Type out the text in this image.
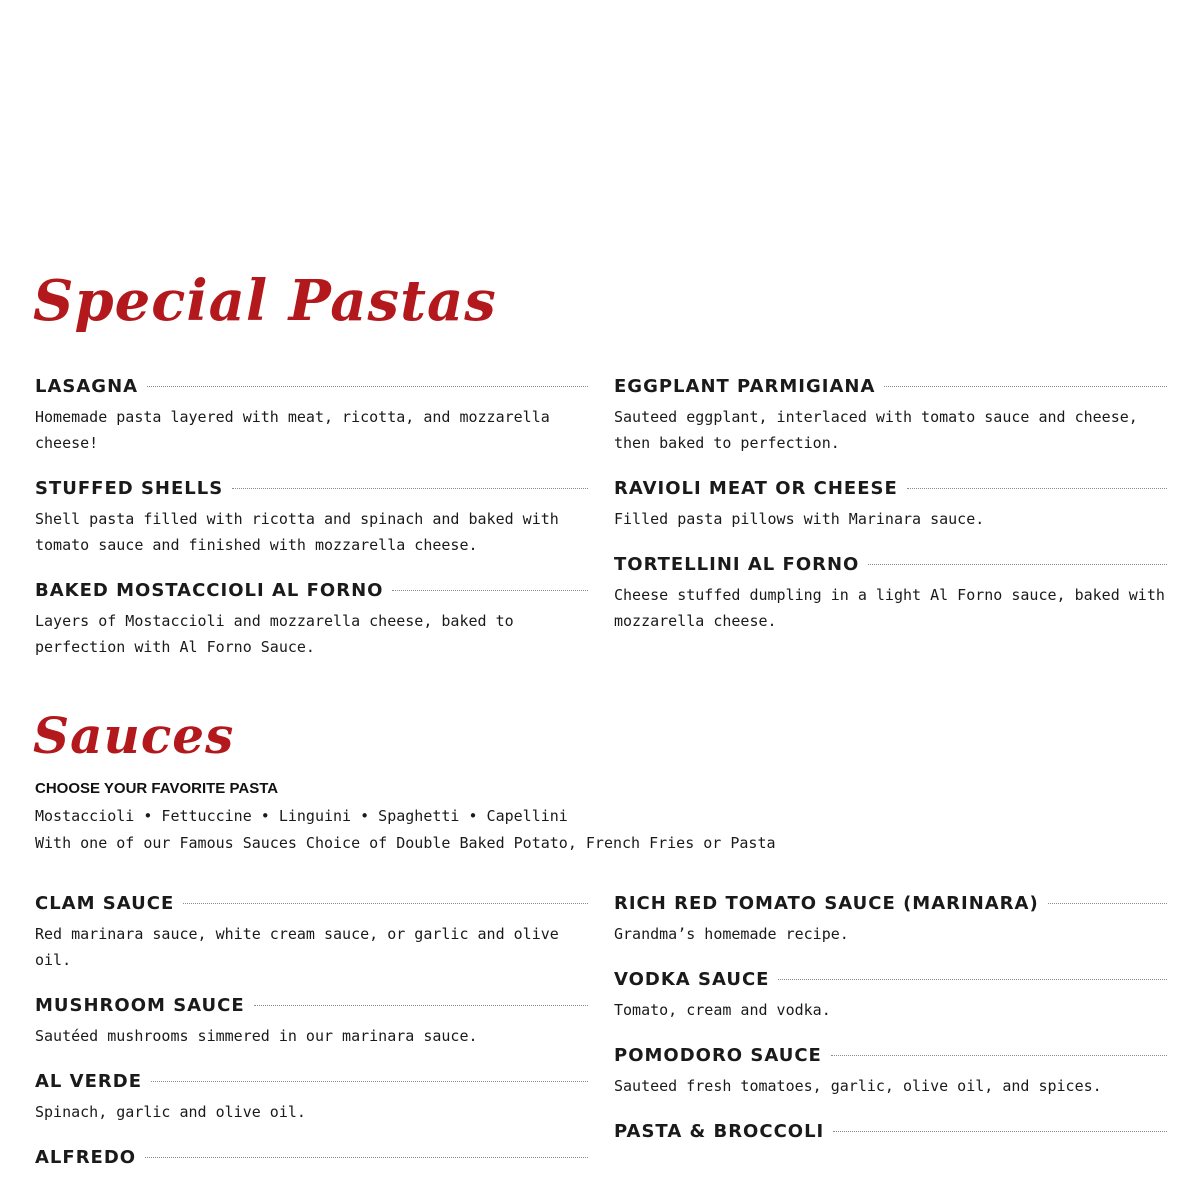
Special Pastas
LASAGNA

Homemade pasta layered with meat, ricotta, and mozzarella cheese!

STUFFED SHELLS

Shell pasta filled with ricotta and spinach and baked with tomato sauce and finished with mozzarella cheese.

BAKED MOSTACCIOLI AL FORNO

Layers of Mostaccioli and mozzarella cheese, baked to perfection with Al Forno Sauce.

EGGPLANT PARMIGIANA

Sauteed eggplant, interlaced with tomato sauce and cheese, then baked to perfection.

RAVIOLI MEAT OR CHEESE

Filled pasta pillows with Marinara sauce.

TORTELLINI AL FORNO

Cheese stuffed dumpling in a light Al Forno sauce, baked with mozzarella cheese.

Sauces

CHOOSE YOUR FAVORITE PASTA

Mostaccioli • Fettuccine • Linguini • Spaghetti • Capellini

With one of our Famous Sauces Choice of Double Baked Potato, French Fries or Pasta

CLAM SAUCE

Red marinara sauce, white cream sauce, or garlic and olive oil.

MUSHROOM SAUCE

Sautéed mushrooms simmered in our marinara sauce.

AL VERDE

Spinach, garlic and olive oil.

ALFREDO

RICH RED TOMATO SAUCE (MARINARA)

Grandma’s homemade recipe.

VODKA SAUCE

Tomato, cream and vodka.

POMODORO SAUCE

Sauteed fresh tomatoes, garlic, olive oil, and spices.

PASTA & BROCCOLI
